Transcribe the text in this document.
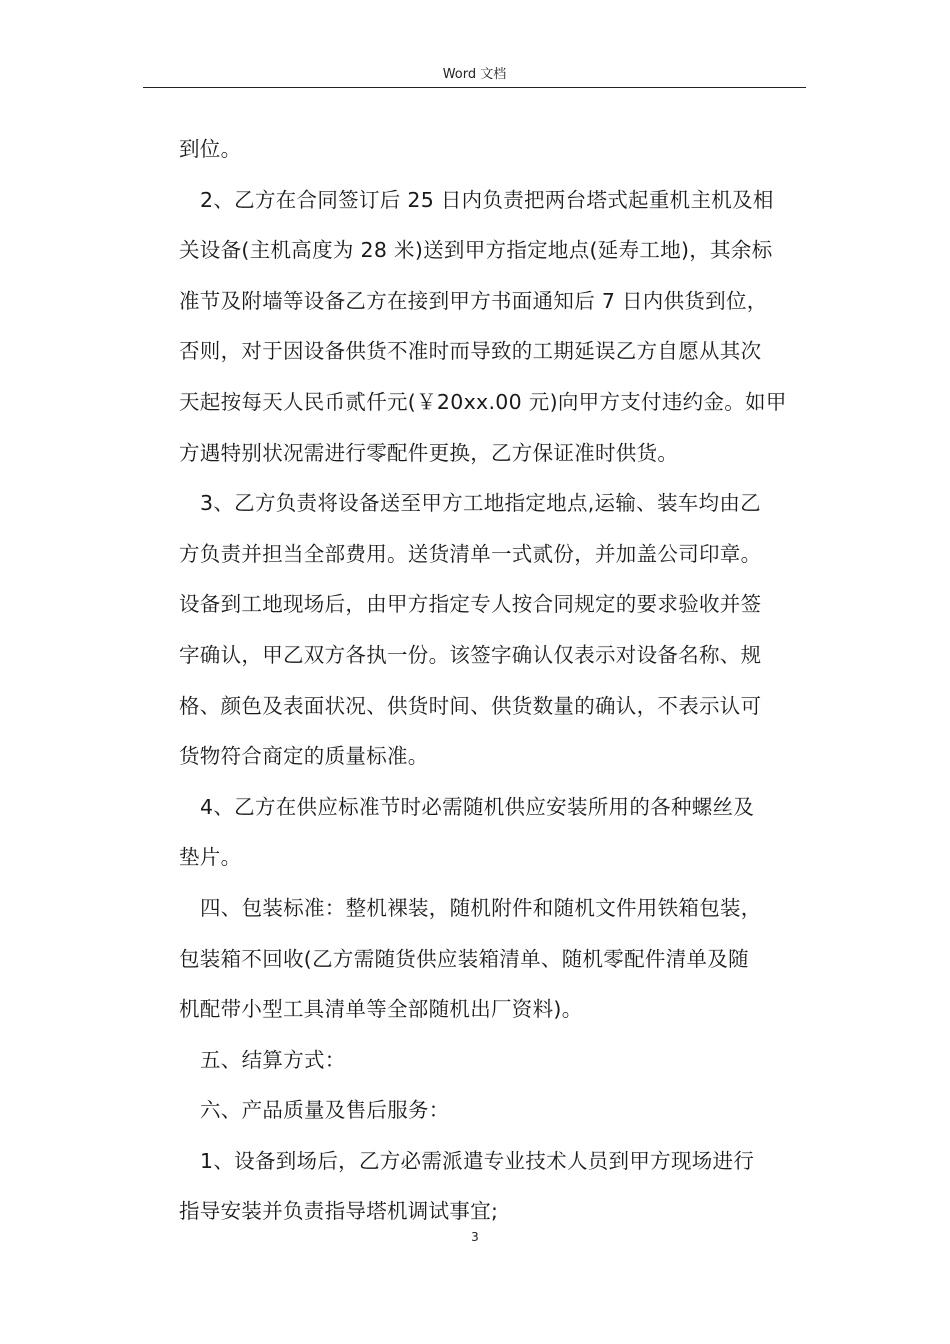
Word 文档
到位。
2、乙方在合同签订后 25 日内负责把两台塔式起重机主机及相
关设备(主机高度为 28 米)送到甲方指定地点(延寿工地)，其余标
准节及附墙等设备乙方在接到甲方书面通知后 7 日内供货到位，
否则，对于因设备供货不准时而导致的工期延误乙方自愿从其次
天起按每天人民币贰仟元(￥20xx.00 元)向甲方支付违约金。如甲
方遇特别状况需进行零配件更换，乙方保证准时供货。
3、乙方负责将设备送至甲方工地指定地点,运输、装车均由乙
方负责并担当全部费用。送货清单一式贰份，并加盖公司印章。
设备到工地现场后，由甲方指定专人按合同规定的要求验收并签
字确认，甲乙双方各执一份。该签字确认仅表示对设备名称、规
格、颜色及表面状况、供货时间、供货数量的确认，不表示认可
货物符合商定的质量标准。
4、乙方在供应标准节时必需随机供应安装所用的各种螺丝及
垫片。
四、包装标准：整机裸装，随机附件和随机文件用铁箱包装，
包装箱不回收(乙方需随货供应装箱清单、随机零配件清单及随
机配带小型工具清单等全部随机出厂资料)。
五、结算方式：
六、产品质量及售后服务：
1、设备到场后，乙方必需派遣专业技术人员到甲方现场进行
指导安装并负责指导塔机调试事宜;
3
